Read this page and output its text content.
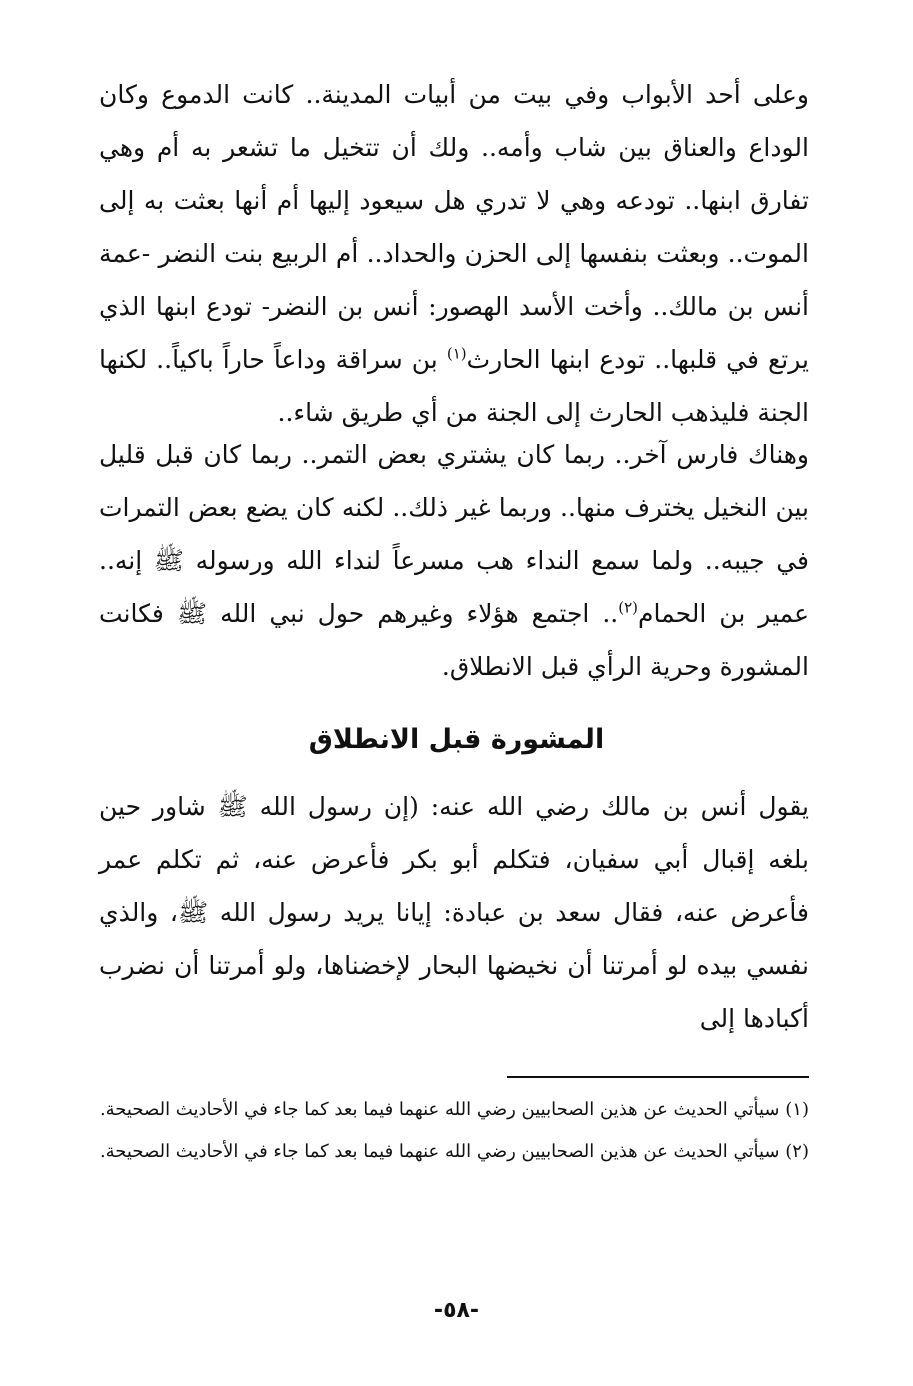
وعلى أحد الأبواب وفي بيت من أبيات المدينة.. كانت الدموع وكان الوداع والعناق بين شاب وأمه.. ولك أن تتخيل ما تشعر به أم وهي تفارق ابنها.. تودعه وهي لا تدري هل سيعود إليها أم أنها بعثت به إلى الموت.. وبعثت بنفسها إلى الحزن والحداد.. أم الربيع بنت النضر -عمة أنس بن مالك.. وأخت الأسد الهصور: أنس بن النضر- تودع ابنها الذي يرتع في قلبها.. تودع ابنها الحارث$^{(١)}$ بن سراقة وداعاً حاراً باكياً.. لكنها الجنة فليذهب الحارث إلى الجنة من أي طريق شاء..

وهناك فارس آخر.. ربما كان يشتري بعض التمر.. ربما كان قبل قليل بين النخيل يخترف منها.. وربما غير ذلك.. لكنه كان يضع بعض التمرات في جيبه.. ولما سمع النداء هب مسرعاً لنداء الله ورسوله ﷺ إنه.. عمير بن الحمام$^{(٢)}$.. اجتمع هؤلاء وغيرهم حول نبي الله ﷺ فكانت المشورة وحرية الرأي قبل الانطلاق.

المشورة قبل الانطلاق

يقول أنس بن مالك رضي الله عنه: (إن رسول الله ﷺ شاور حين بلغه إقبال أبي سفيان، فتكلم أبو بكر فأعرض عنه، ثم تكلم عمر فأعرض عنه، فقال سعد بن عبادة: إيانا يريد رسول الله ﷺ، والذي نفسي بيده لو أمرتنا أن نخيضها البحار لإخضناها، ولو أمرتنا أن نضرب أكبادها إلى

(١) سيأتي الحديث عن هذين الصحابيين رضي الله عنهما فيما بعد كما جاء في الأحاديث الصحيحة.

(٢) سيأتي الحديث عن هذين الصحابيين رضي الله عنهما فيما بعد كما جاء في الأحاديث الصحيحة.

-٥٨-
